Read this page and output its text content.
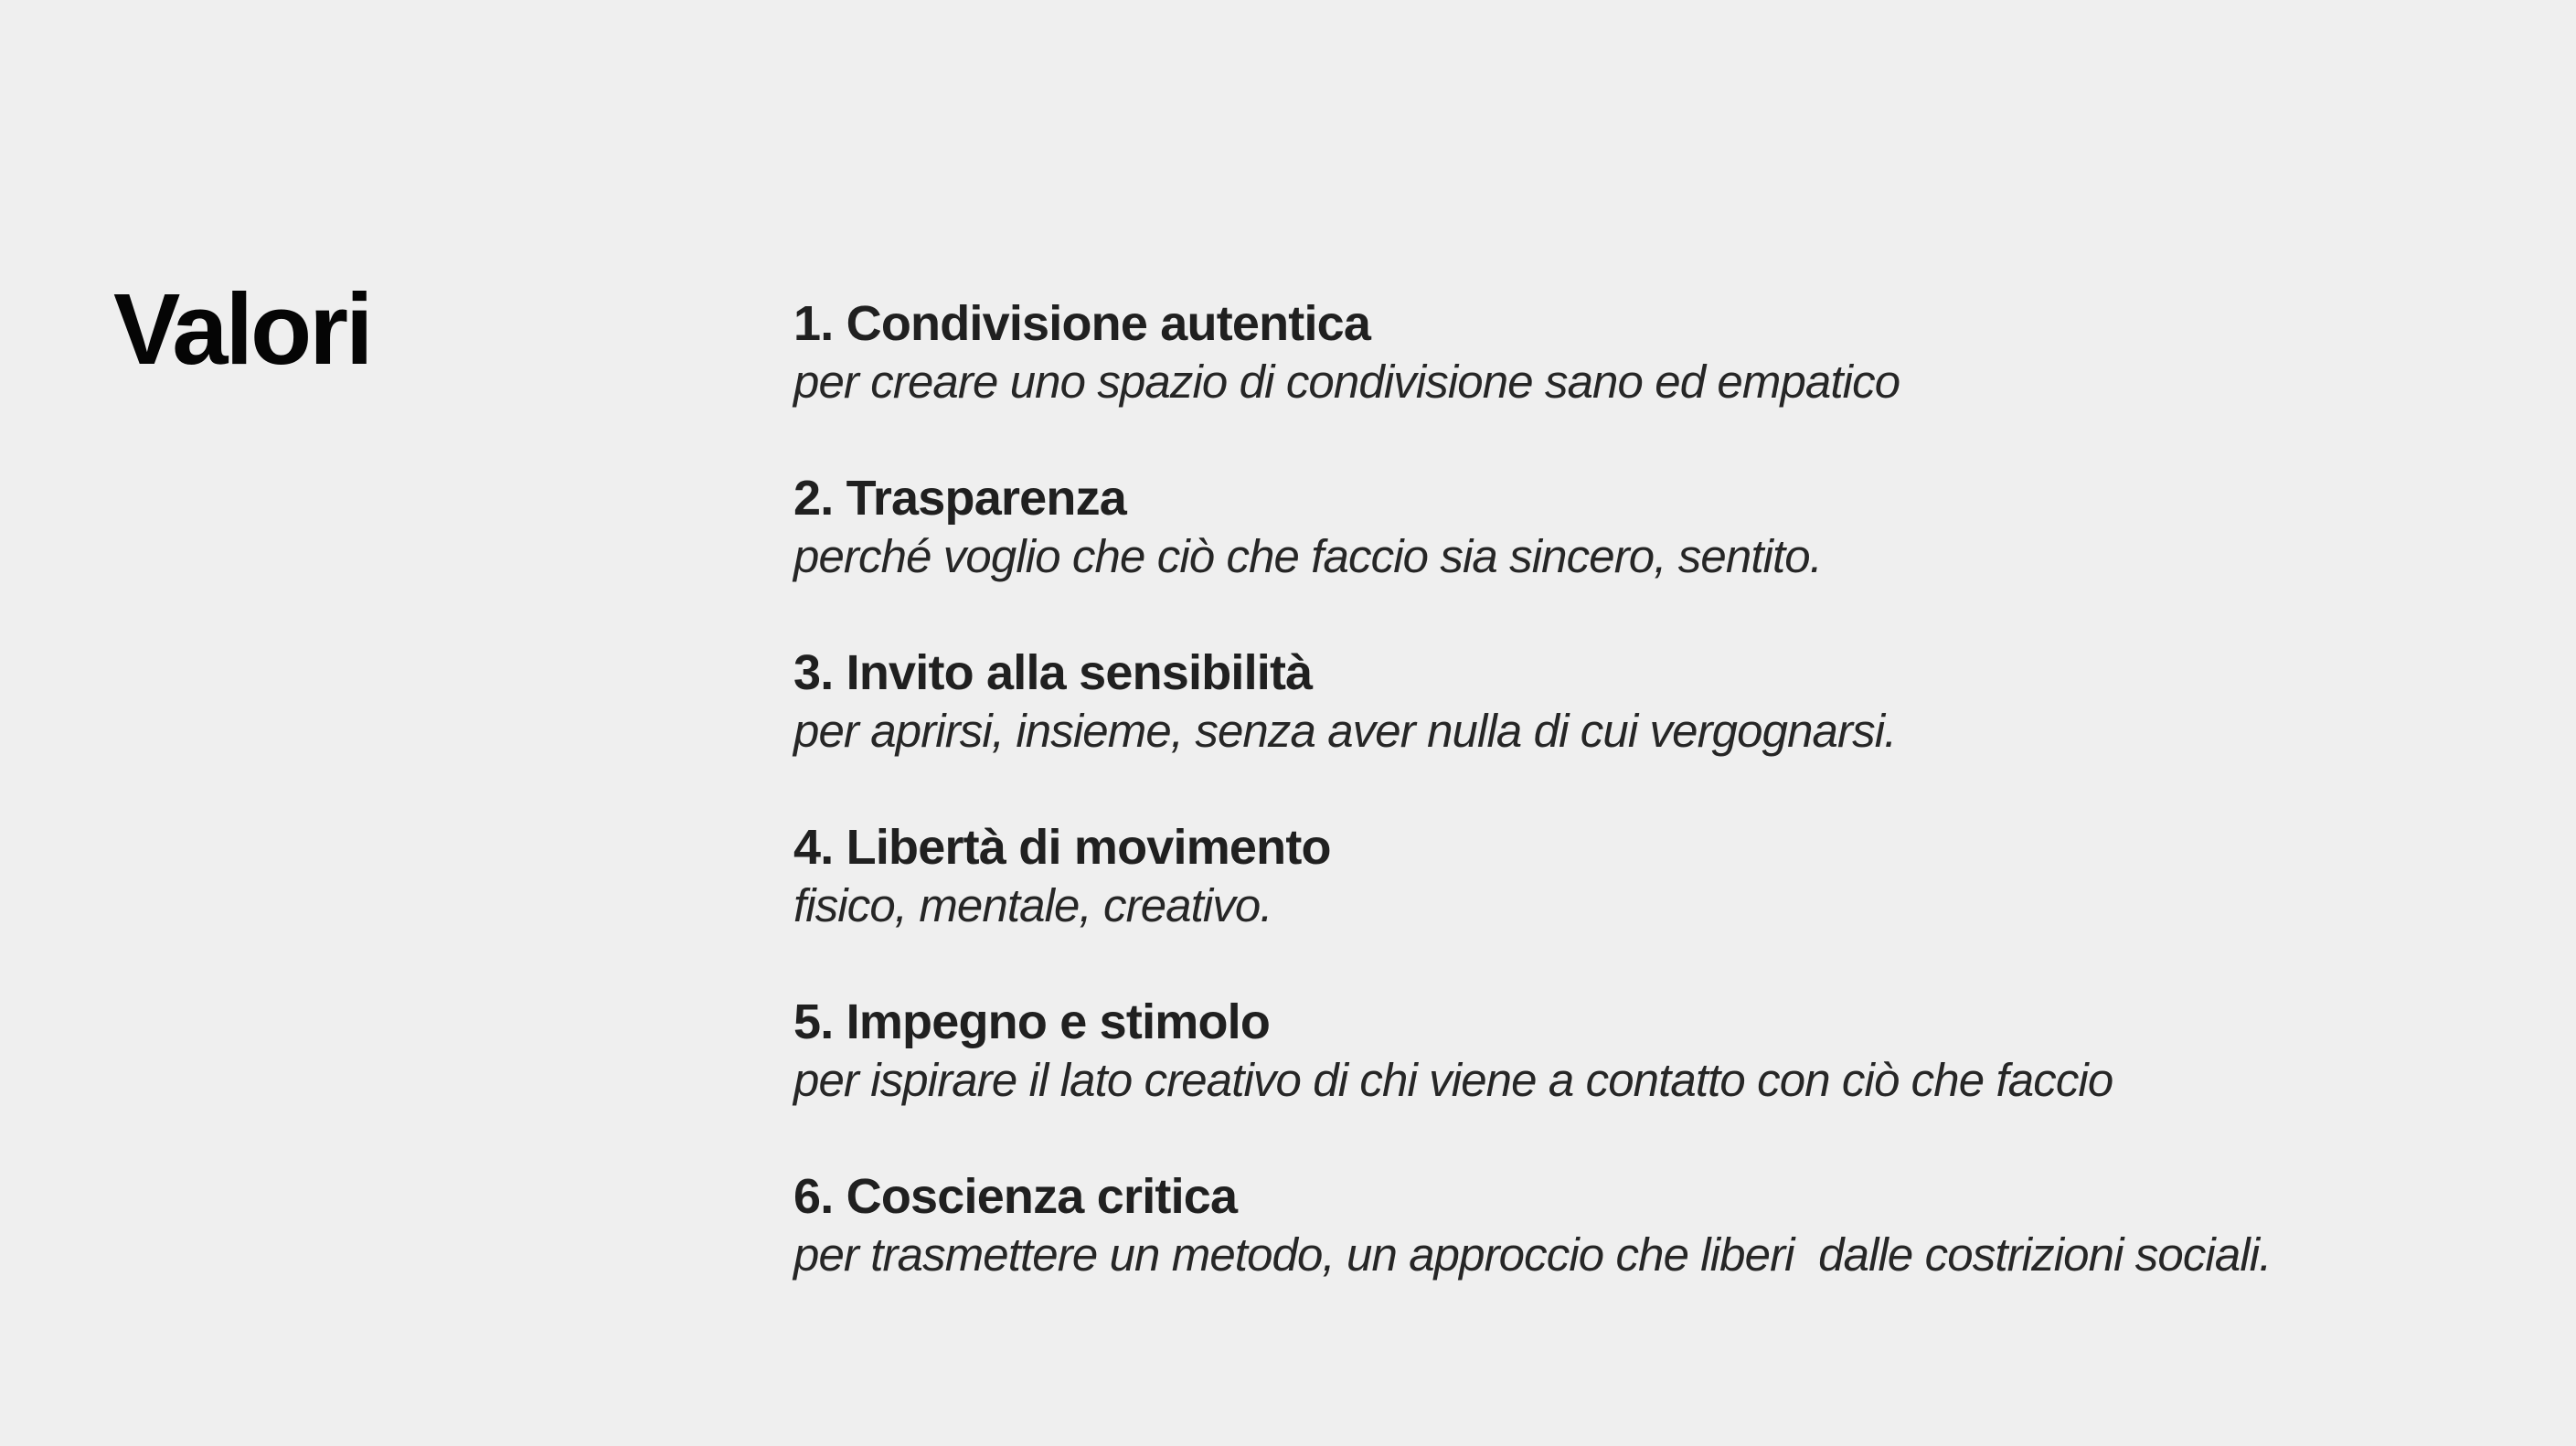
Valori	1. Condivisione autentica
per creare uno spazio di condivisione sano ed empatico
2. Trasparenza
perché voglio che ciò che faccio sia sincero, sentito.
3. Invito alla sensibilità
per aprirsi, insieme, senza aver nulla di cui vergognarsi.
4. Libertà di movimento
fisico, mentale, creativo.
5. Impegno e stimolo
per ispirare il lato creativo di chi viene a contatto con ciò che faccio
6. Coscienza critica
per trasmettere un metodo, un approccio che liberi  dalle costrizioni sociali.
